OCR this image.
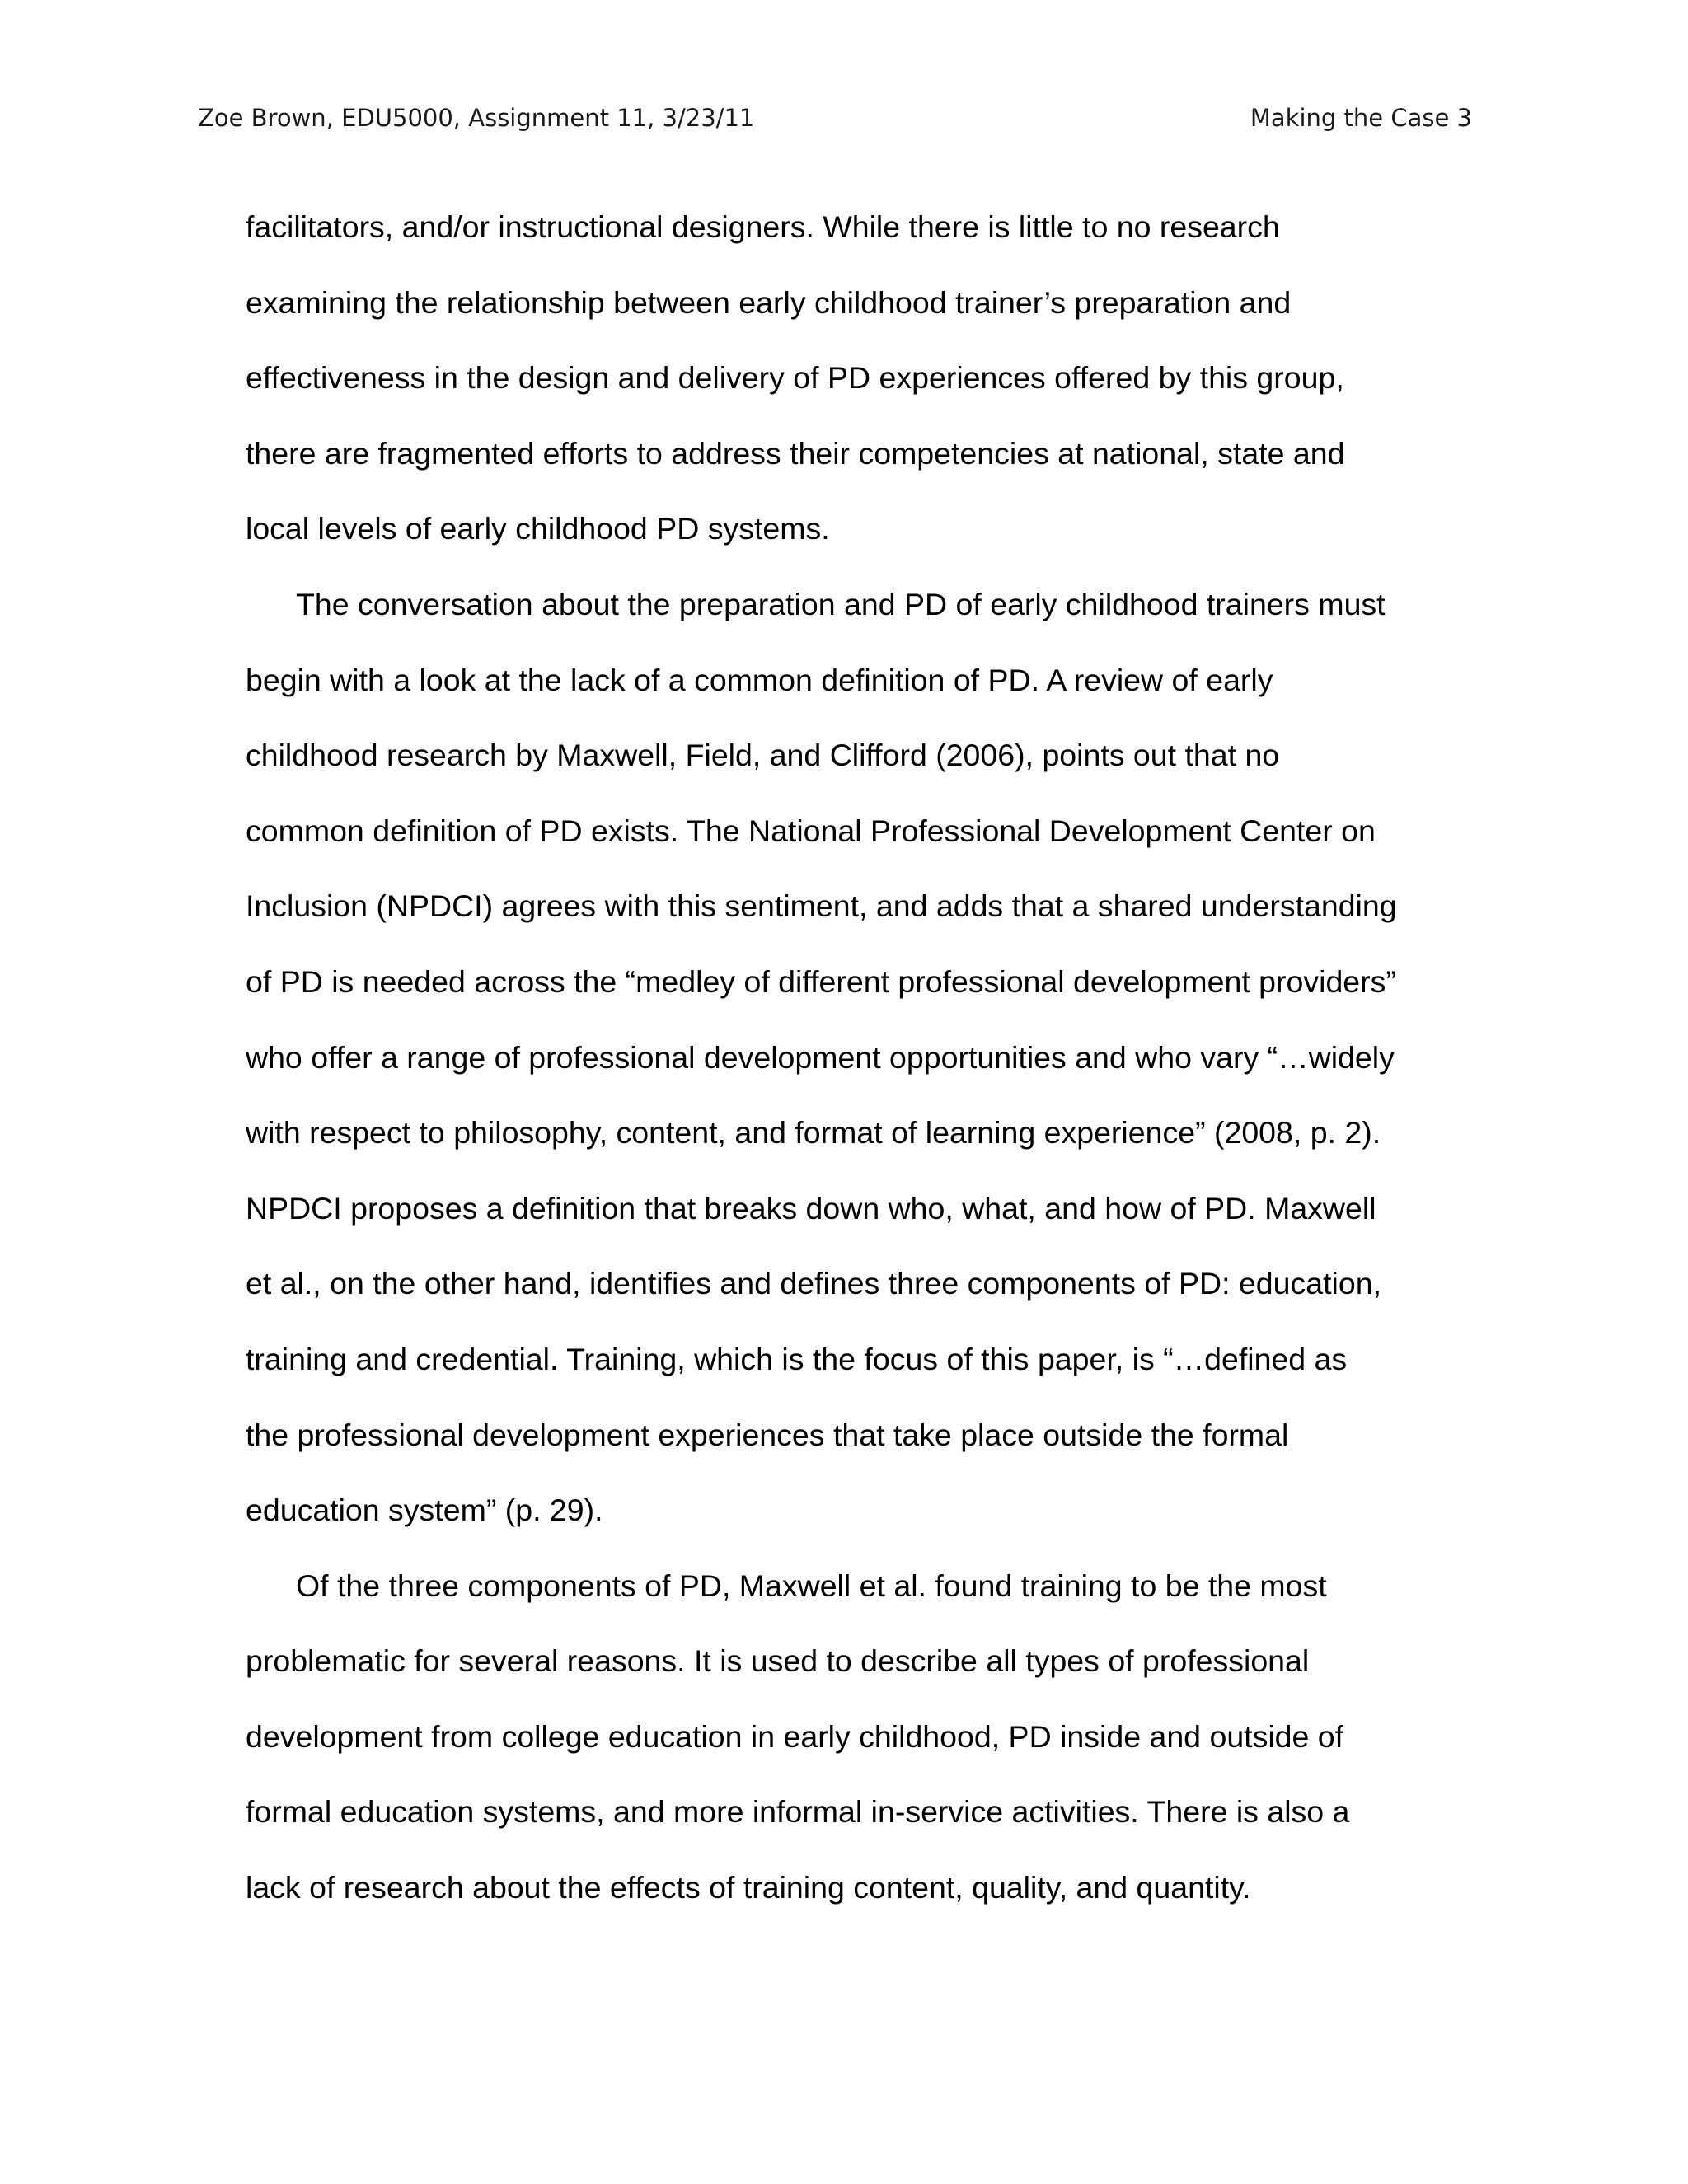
Zoe Brown, EDU5000, Assignment 11, 3/23/11	Making the Case 3
facilitators, and/or instructional designers. While there is little to no research
examining the relationship between early childhood trainer’s preparation and
effectiveness in the design and delivery of PD experiences offered by this group,
there are fragmented efforts to address their competencies at national, state and
local levels of early childhood PD systems.
The conversation about the preparation and PD of early childhood trainers must
begin with a look at the lack of a common definition of PD. A review of early
childhood research by Maxwell, Field, and Clifford (2006), points out that no
common definition of PD exists. The National Professional Development Center on
Inclusion (NPDCI) agrees with this sentiment, and adds that a shared understanding
of PD is needed across the “medley of different professional development providers”
who offer a range of professional development opportunities and who vary “…widely
with respect to philosophy, content, and format of learning experience” (2008, p. 2).
NPDCI proposes a definition that breaks down who, what, and how of PD. Maxwell
et al., on the other hand, identifies and defines three components of PD: education,
training and credential. Training, which is the focus of this paper, is “…defined as
the professional development experiences that take place outside the formal
education system” (p. 29).
Of the three components of PD, Maxwell et al. found training to be the most
problematic for several reasons. It is used to describe all types of professional
development from college education in early childhood, PD inside and outside of
formal education systems, and more informal in-service activities. There is also a
lack of research about the effects of training content, quality, and quantity.
